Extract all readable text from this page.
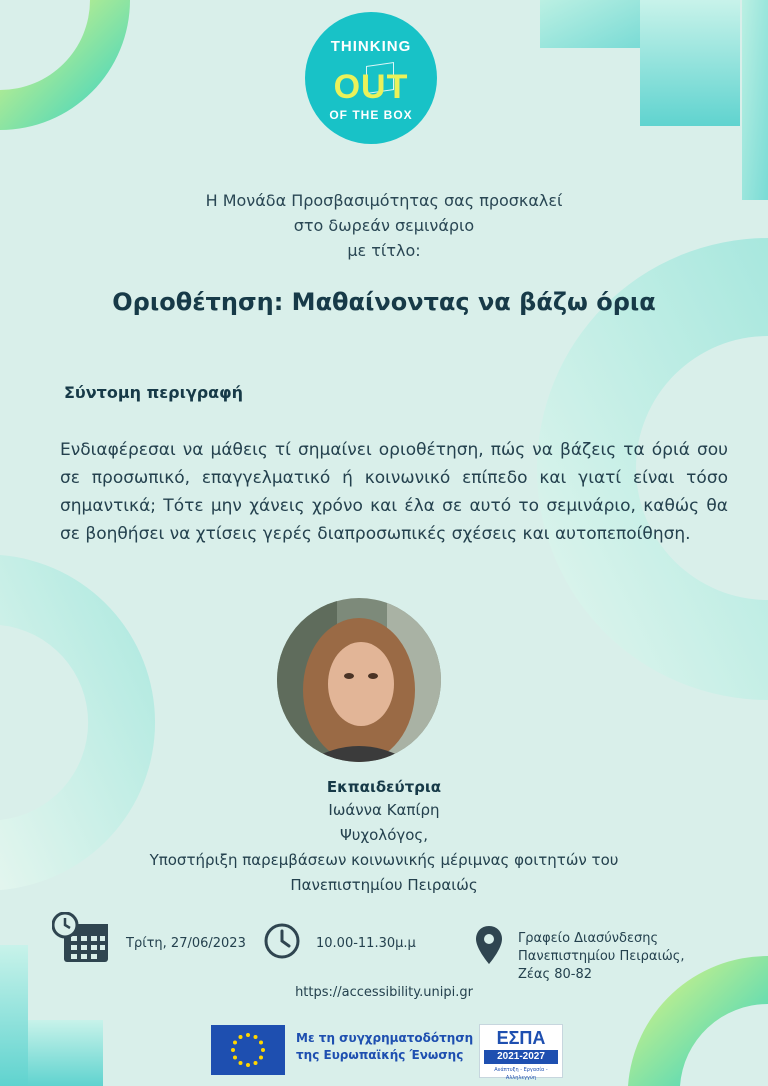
THINKING
OUT
OF THE BOX
Η Μονάδα Προσβασιμότητας σας προσκαλεί
στο δωρεάν σεμινάριο
με τίτλο:
Οριοθέτηση: Μαθαίνοντας να βάζω όρια
Σύντομη περιγραφή
Ενδιαφέρεσαι να μάθεις τί σημαίνει οριοθέτηση, πώς να βάζεις τα όριά σου σε προσωπικό, επαγγελματικό ή κοινωνικό επίπεδο και γιατί είναι τόσο σημαντικά; Τότε μην χάνεις χρόνο και έλα σε αυτό το σεμινάριο, καθώς θα σε βοηθήσει να χτίσεις γερές διαπροσωπικές σχέσεις και αυτοπεποίθηση.
Εκπαιδεύτρια
Ιωάννα Καπίρη
Ψυχολόγος,
Υποστήριξη παρεμβάσεων κοινωνικής μέριμνας φοιτητών του
Πανεπιστημίου Πειραιώς
Τρίτη, 27/06/2023	10.00-11.30μ.μ	Γραφείο Διασύνδεσης
Πανεπιστημίου Πειραιώς,
Ζέας 80-82
https://accessibility.unipi.gr
Με τη συγχρηματοδότηση
της Ευρωπαϊκής Ένωσης
ΕΣΠΑ
2021-2027
Ανάπτυξη - Εργασία - Αλληλεγγύη
